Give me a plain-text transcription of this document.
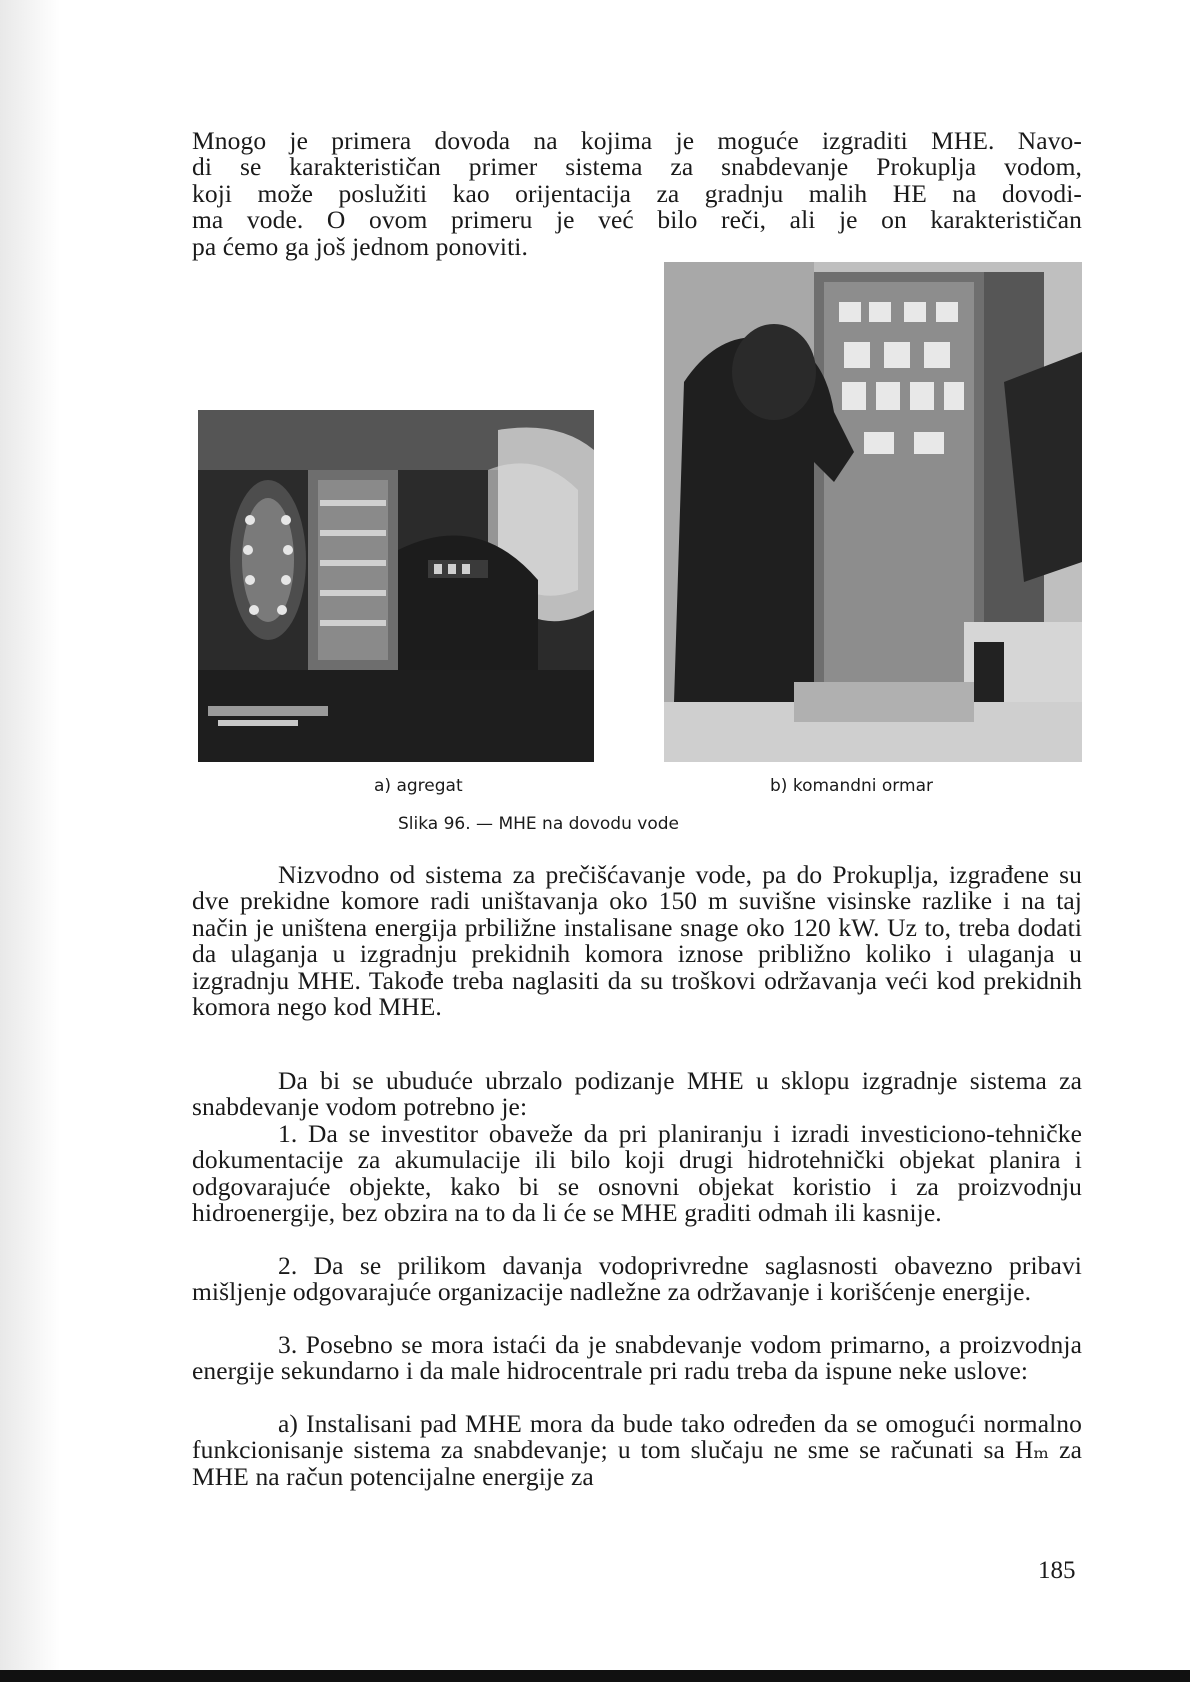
Mnogo je primera dovoda na kojima je moguće izgraditi MHE. Navo-
di se karakterističan primer sistema za snabdevanje Prokuplja vodom,
koji može poslužiti kao orijentacija za gradnju malih HE na dovodi-
ma vode. O ovom primeru je već bilo reči, ali je on karakterističan
pa ćemo ga još jednom ponoviti.
a) agregat	b) komandni ormar
Slika 96. — MHE na dovodu vode

Nizvodno od sistema za prečišćavanje vode, pa do Prokuplja, izgrađene su dve prekidne komore radi uništavanja oko 150 m suvišne visinske razlike i na taj način je uništena energija prbiližne instalisane snage oko 120 kW. Uz to, treba dodati da ulaganja u izgradnju prekidnih komora iznose približno koliko i ulaganja u izgradnju MHE. Takođe treba naglasiti da su troškovi održavanja veći kod prekidnih komora nego kod MHE.

Da bi se ubuduće ubrzalo podizanje MHE u sklopu izgradnje sistema za snabdevanje vodom potrebno je:

1. Da se investitor obaveže da pri planiranju i izradi investiciono-tehničke dokumentacije za akumulacije ili bilo koji drugi hidrotehnički objekat planira i odgovarajuće objekte, kako bi se osnovni objekat koristio i za proizvodnju hidroenergije, bez obzira na to da li će se MHE graditi odmah ili kasnije.

2. Da se prilikom davanja vodoprivredne saglasnosti obavezno pribavi mišljenje odgovarajuće organizacije nadležne za održavanje i korišćenje energije.

3. Posebno se mora istaći da je snabdevanje vodom primarno, a proizvodnja energije sekundarno i da male hidrocentrale pri radu treba da ispune neke uslove:

a) Instalisani pad MHE mora da bude tako određen da se omogući normalno funkcionisanje sistema za snabdevanje; u tom slučaju ne sme se računati sa Hₘ za MHE na račun potencijalne energije za

185
